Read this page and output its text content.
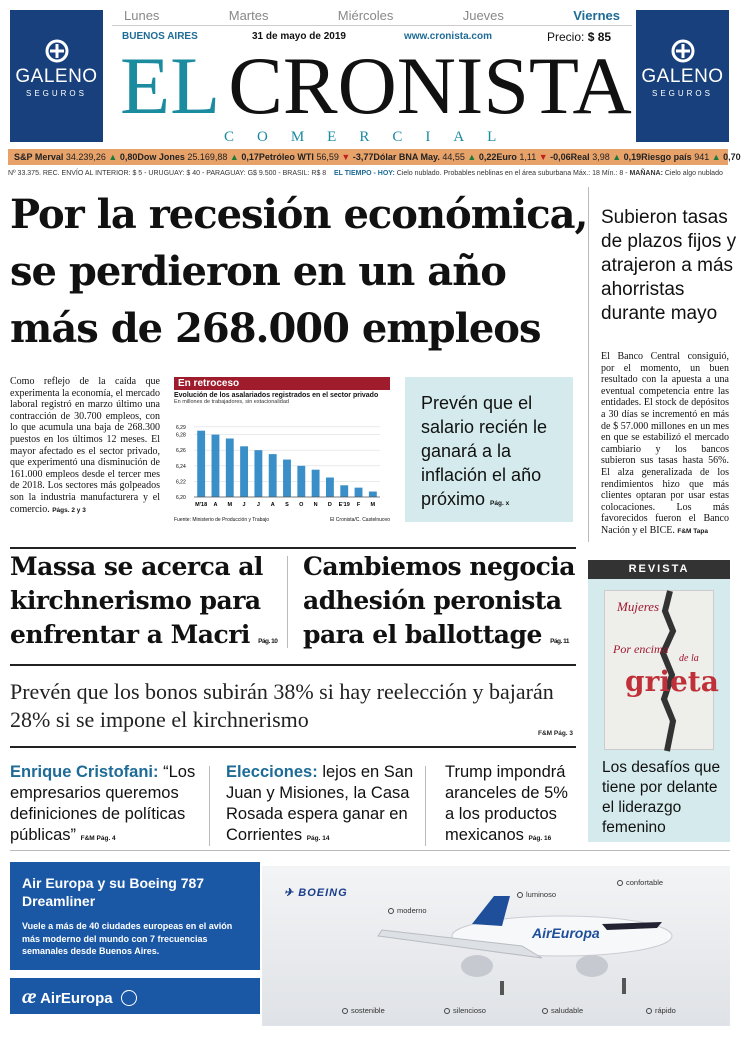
GALENO
SEGUROS
GALENO
SEGUROS
Lunes	Martes	Miércoles	Jueves	Viernes
BUENOS AIRES	31 de mayo de 2019	www.cronista.com	Precio: $ 85
ELCRONISTA
COMERCIAL
S&P Merval 34.239,26 ▲ 0,80 Dow Jones 25.169,88 ▲ 0,17 Petróleo WTI 56,59 ▼ -3,77 Dólar BNA May. 44,55 ▲ 0,22 Euro 1,11 ▼ -0,06 Real 3,98 ▲ 0,19 Riesgo país 941 ▲ 0,70
Nº 33.375. REC. ENVÍO AL INTERIOR: $ 5 - URUGUAY: $ 40 - PARAGUAY: G$ 9.500 - BRASIL: R$ 8 EL TIEMPO - HOY: Cielo nublado. Probables neblinas en el área suburbana Máx.: 18 Mín.: 8 - MAÑANA: Cielo algo nublado
Por la recesión económica, se perdieron en un año más de 268.000 empleos
Subieron tasas de plazos fijos y atrajeron a más ahorristas durante mayo
El Banco Central consiguió, por el momento, un buen resultado con la apuesta a una eventual competencia entre las entidades. El stock de depósitos a 30 días se incrementó en más de $ 57.000 millones en un mes en que se estabilizó el mercado cambiario y los bancos subieron sus tasas hasta 56%. El alza generalizada de los rendimientos hizo que más clientes optaran por usar estas colocaciones. Los más favorecidos fueron el Banco Nación y el BICE. F&M Tapa
Como reflejo de la caída que experimenta la economía, el mercado laboral registró en marzo último una contracción de 30.700 empleos, con lo que acumula una baja de 268.300 puestos en los últimos 12 meses. El mayor afectado es el sector privado, que experimentó una disminución de 161.000 empleos desde el tercer mes de 2018. Los sectores más golpeados son la industria manufacturera y el comercio. Págs. 2 y 3
En retroceso
Evolución de los asalariados registrados en el sector privado
En millones de trabajadores, sin estacionalidad
6,29
6,28
6,26
6,24
6,22
6,20
M'18 A M J J A S O N D E'19 F M
Fuente: Ministerio de Producción y Trabajo	El Cronista/C. Castelnuovo
Prevén que el salario recién le ganará a la inflación el año próximo Pág. x
Massa se acerca al kirchnerismo para enfrentar a Macri Pág. 10
Cambiemos negocia adhesión peronista para el ballottage Pág. 11
Prevén que los bonos subirán 38% si hay reelección y bajarán 28% si se impone el kirchnerismo
F&M Pág. 3
Enrique Cristofani: “Los empresarios queremos definiciones de políticas públicas” F&M Pág. 4
Elecciones: lejos en San Juan y Misiones, la Casa Rosada espera ganar en Corrientes Pág. 14
Trump impondrá aranceles de 5% a los productos mexicanos Pág. 16
REVISTA
Mujeres
Por encima
de la
grieta
Los desafíos que tiene por delante el liderazgo femenino
Air Europa y su Boeing 787 Dreamliner
Vuele a más de 40 ciudades europeas en el avión más moderno del mundo con 7 frecuencias semanales desde Buenos Aires.
æ AirEuropa
✈ BOEING
AirEuropa
luminoso
confortable
moderno
sostenible	silencioso	saludable	rápido
